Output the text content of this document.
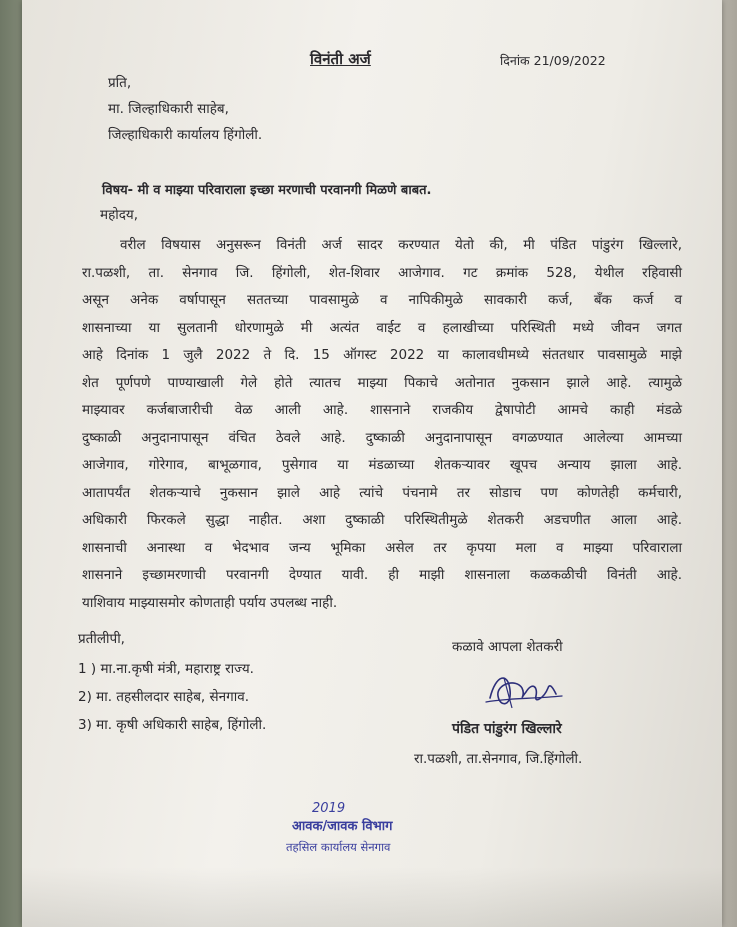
विनंती अर्ज	दिनांक 21/09/2022
प्रति,
मा. जिल्हाधिकारी साहेब,
जिल्हाधिकारी कार्यालय हिंगोली.
विषय- मी व माझ्या परिवाराला इच्छा मरणाची परवानगी मिळणे बाबत.
महोदय,
वरील विषयास अनुसरून विनंती अर्ज सादर करण्यात येतो की, मी पंडित पांडुरंग खिल्लारे,
रा.पळशी, ता. सेनगाव जि. हिंगोली, शेत-शिवार आजेगाव. गट क्रमांक 528, येथील रहिवासी
असून अनेक वर्षापासून सततच्या पावसामुळे व नापिकीमुळे सावकारी कर्ज, बँक कर्ज व
शासनाच्या या सुलतानी धोरणामुळे मी अत्यंत वाईट व हलाखीच्या परिस्थिती मध्ये जीवन जगत
आहे दिनांक 1 जुलै 2022 ते दि. 15 ऑगस्ट 2022 या कालावधीमध्ये संततधार पावसामुळे माझे
शेत पूर्णपणे पाण्याखाली गेले होते त्यातच माझ्या पिकाचे अतोनात नुकसान झाले आहे. त्यामुळे
माझ्यावर कर्जबाजारीची वेळ आली आहे. शासनाने राजकीय द्वेषापोटी आमचे काही मंडळे
दुष्काळी अनुदानापासून वंचित ठेवले आहे. दुष्काळी अनुदानापासून वगळण्यात आलेल्या आमच्या
आजेगाव, गोरेगाव, बाभूळगाव, पुसेगाव या मंडळाच्या शेतकऱ्यावर खूपच अन्याय झाला आहे.
आतापर्यंत शेतकऱ्याचे नुकसान झाले आहे त्यांचे पंचनामे तर सोडाच पण कोणतेही कर्मचारी,
अधिकारी फिरकले सुद्धा नाहीत. अशा दुष्काळी परिस्थितीमुळे शेतकरी अडचणीत आला आहे.
शासनाची अनास्था व भेदभाव जन्य भूमिका असेल तर कृपया मला व माझ्या परिवाराला
शासनाने इच्छामरणाची परवानगी देण्यात यावी. ही माझी शासनाला कळकळीची विनंती आहे.
याशिवाय माझ्यासमोर कोणताही पर्याय उपलब्ध नाही.
प्रतीलीपी,
1 ) मा.ना.कृषी मंत्री, महाराष्ट्र राज्य.
2) मा. तहसीलदार साहेब, सेनगाव.
3) मा. कृषी अधिकारी साहेब, हिंगोली.
कळावे आपला शेतकरी
पंडित पांडुरंग खिल्लारे
रा.पळशी, ता.सेनगाव, जि.हिंगोली.
2019
आवक/जावक विभाग
तहसिल कार्यालय सेनगाव
